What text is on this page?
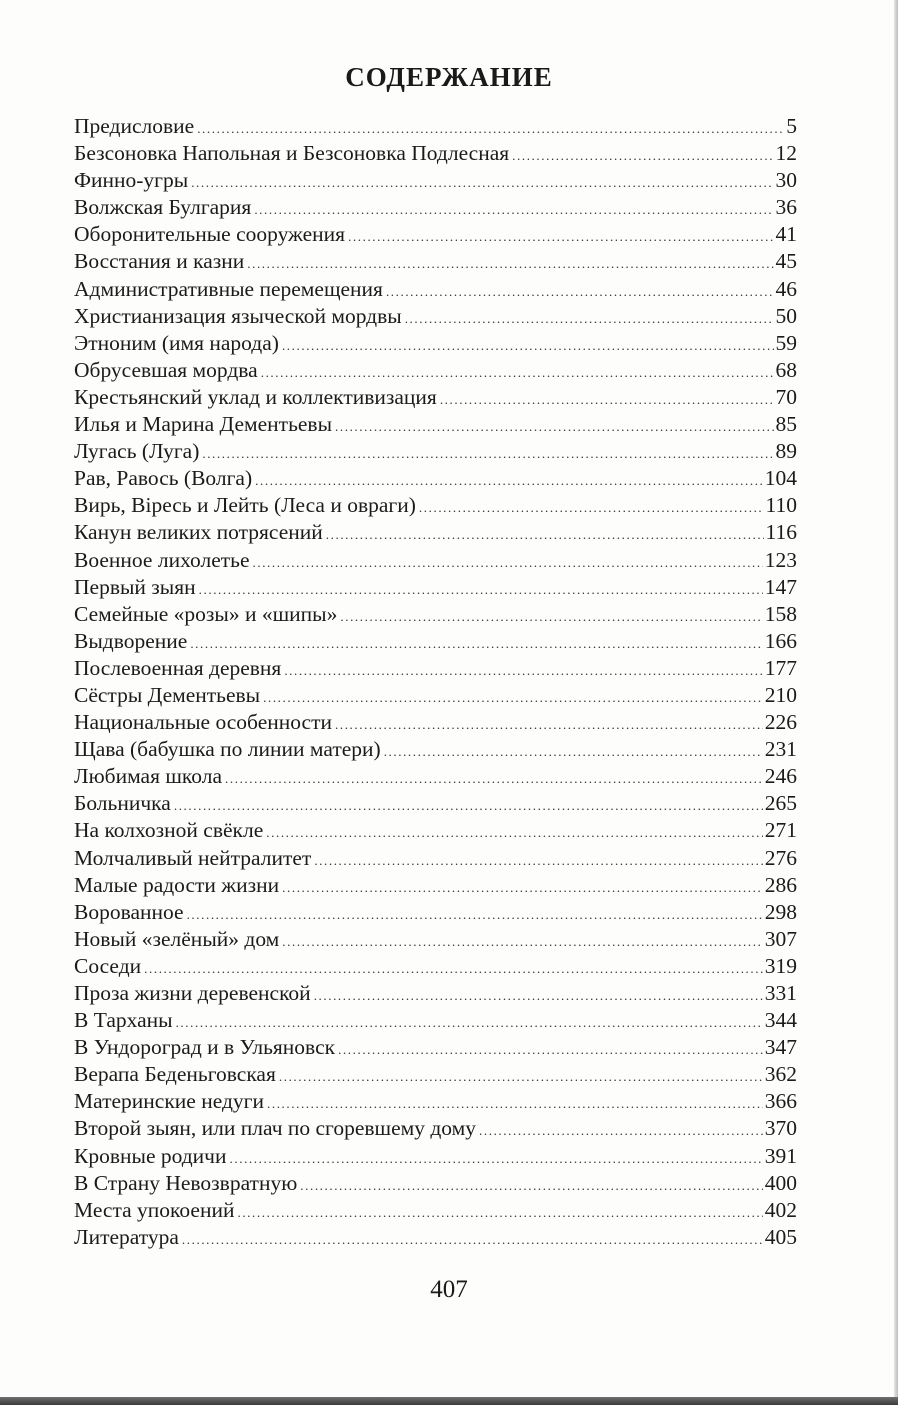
СОДЕРЖАНИЕ
Предисловие .....	5
Безсоновка Напольная и Безсоновка Подлесная .....	12
Финно-угры .....	30
Волжская Булгария .....	36
Оборонительные сооружения .....	41
Восстания и казни .....	45
Административные перемещения .....	46
Христианизация языческой мордвы .....	50
Этноним (имя народа) .....	59
Обрусевшая мордва .....	68
Крестьянский уклад и коллективизация .....	70
Илья и Марина Дементьевы .....	85
Лугась (Луга) .....	89
Рав, Равось (Волга) .....	104
Вирь, Вiресь и Лейть (Леса и овраги) .....	110
Канун великих потрясений .....	116
Военное лихолетье .....	123
Первый зыян .....	147
Семейные «розы» и «шипы» .....	158
Выдворение .....	166
Послевоенная деревня .....	177
Сёстры Дементьевы .....	210
Национальные особенности .....	226
Щава (бабушка по линии матери) .....	231
Любимая школа .....	246
Больничка .....	265
На колхозной свёкле .....	271
Молчаливый нейтралитет .....	276
Малые радости жизни .....	286
Ворованное .....	298
Новый «зелёный» дом .....	307
Соседи .....	319
Проза жизни деревенской .....	331
В Тарханы .....	344
В Ундороград и в Ульяновск .....	347
Верапа Беденьговская .....	362
Материнские недуги .....	366
Второй зыян, или плач по сгоревшему дому .....	370
Кровные родичи .....	391
В Страну Невозвратную .....	400
Места упокоений .....	402
Литература .....	405
407
